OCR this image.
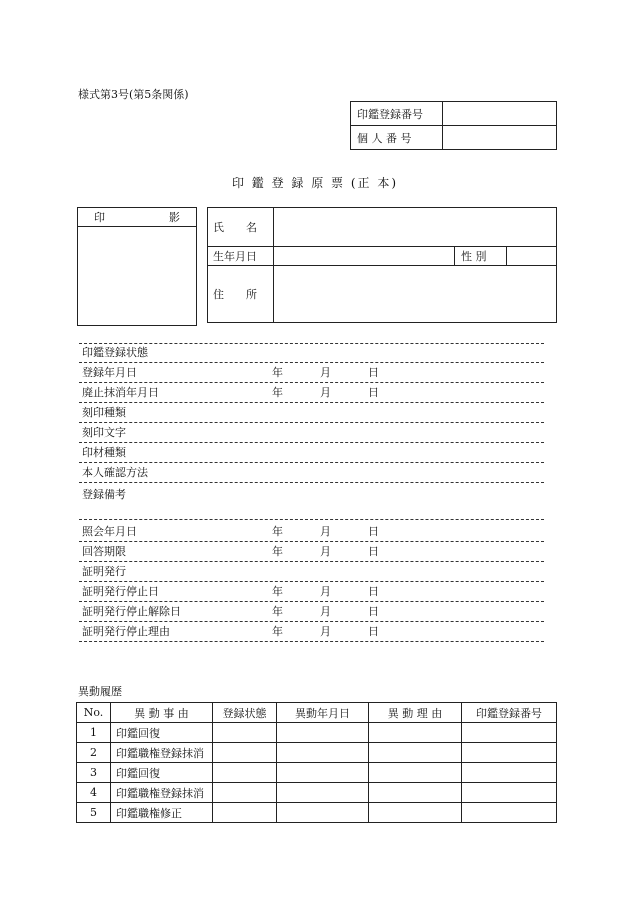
様式第3号(第5条関係)
印鑑登録番号	
個 人 番 号	
印 鑑 登 録 原 票 (正 本)
印	影
氏　　名			
生年月日		性 別	
住　　所			
印鑑登録状態
登録年月日	年	月	日
廃止抹消年月日	年	月	日
刻印種類
刻印文字
印材種類
本人確認方法
登録備考
照会年月日	年	月	日
回答期限	年	月	日
証明発行
証明発行停止日	年	月	日
証明発行停止解除日	年	月	日
証明発行停止理由	年	月	日
異動履歴
No.	異 動 事 由	登録状態	異動年月日	異 動 理 由	印鑑登録番号
1	印鑑回復				
2	印鑑職権登録抹消				
3	印鑑回復				
4	印鑑職権登録抹消				
5	印鑑職権修正				
